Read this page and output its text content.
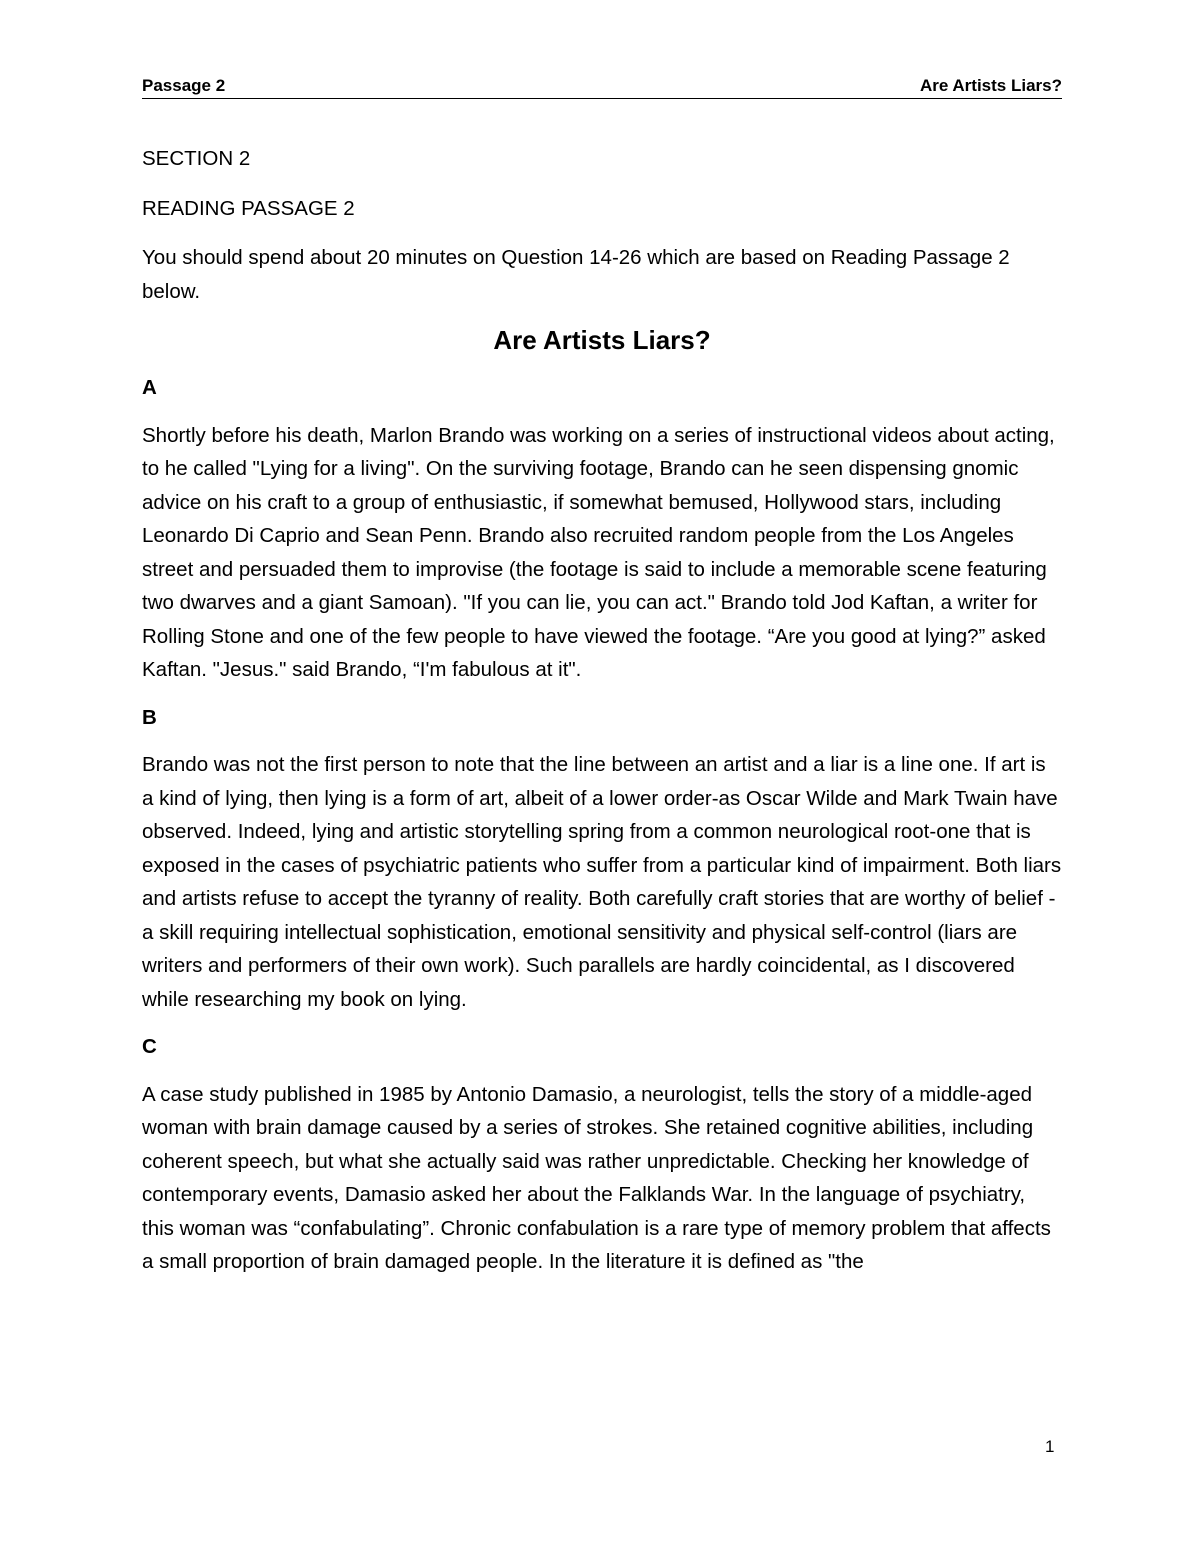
Passage 2	Are Artists Liars?

SECTION 2

READING PASSAGE 2

You should spend about 20 minutes on Question 14-26 which are based on Reading Passage 2 below.

Are Artists Liars?

A

Shortly before his death, Marlon Brando was working on a series of instructional videos about acting, to he called "Lying for a living". On the surviving footage, Brando can he seen dispensing gnomic advice on his craft to a group of enthusiastic, if somewhat bemused, Hollywood stars, including Leonardo Di Caprio and Sean Penn. Brando also recruited random people from the Los Angeles street and persuaded them to improvise (the footage is said to include a memorable scene featuring two dwarves and a giant Samoan). "If you can lie, you can act." Brando told Jod Kaftan, a writer for Rolling Stone and one of the few people to have viewed the footage. “Are you good at lying?” asked Kaftan. "Jesus." said Brando, “I'm fabulous at it".

B

Brando was not the first person to note that the line between an artist and a liar is a line one. If art is a kind of lying, then lying is a form of art, albeit of a lower order-as Oscar Wilde and Mark Twain have observed. Indeed, lying and artistic storytelling spring from a common neurological root-one that is exposed in the cases of psychiatric patients who suffer from a particular kind of impairment. Both liars and artists refuse to accept the tyranny of reality. Both carefully craft stories that are worthy of belief - a skill requiring intellectual sophistication, emotional sensitivity and physical self-control (liars are writers and performers of their own work). Such parallels are hardly coincidental, as I discovered while researching my book on lying.

C

A case study published in 1985 by Antonio Damasio, a neurologist, tells the story of a middle-aged woman with brain damage caused by a series of strokes. She retained cognitive abilities, including coherent speech, but what she actually said was rather unpredictable. Checking her knowledge of contemporary events, Damasio asked her about the Falklands War. In the language of psychiatry, this woman was “confabulating”. Chronic confabulation is a rare type of memory problem that affects a small proportion of brain damaged people. In the literature it is defined as "the

1
